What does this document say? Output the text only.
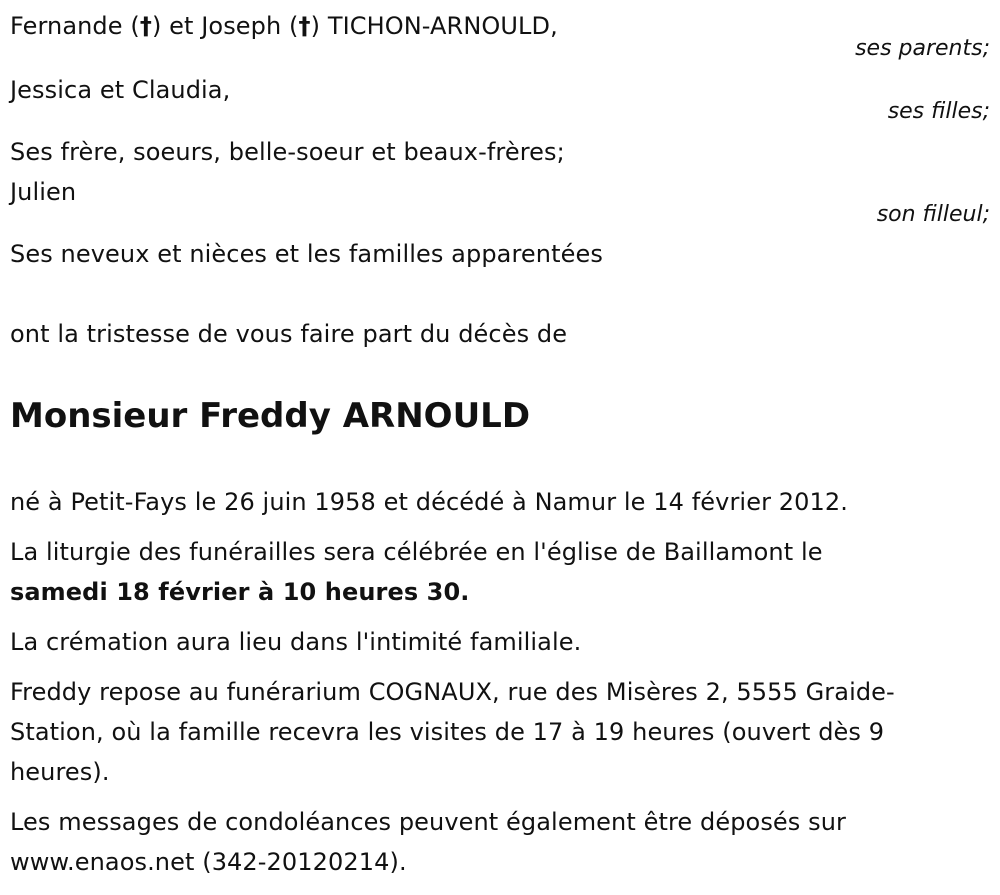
Fernande (†) et Joseph (†) TICHON-ARNOULD,
ses parents;
Jessica et Claudia,
ses filles;
Ses frère, soeurs, belle-soeur et beaux-frères;
Julien
son filleul;
Ses neveux et nièces et les familles apparentées
ont la tristesse de vous faire part du décès de
Monsieur Freddy ARNOULD
né à Petit-Fays le 26 juin 1958 et décédé à Namur le 14 février 2012.
La liturgie des funérailles sera célébrée en l'église de Baillamont le
samedi 18 février à 10 heures 30.
La crémation aura lieu dans l'intimité familiale.
Freddy repose au funérarium COGNAUX, rue des Misères 2, 5555 Graide-
Station, où la famille recevra les visites de 17 à 19 heures (ouvert dès 9
heures).
Les messages de condoléances peuvent également être déposés sur
www.enaos.net (342-20120214).
